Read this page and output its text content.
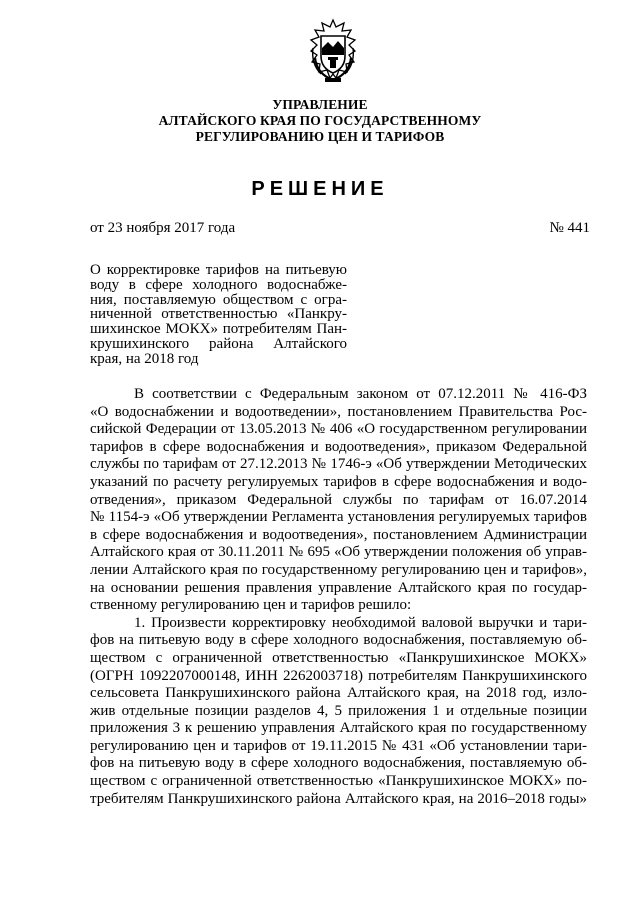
УПРАВЛЕНИЕ
АЛТАЙСКОГО КРАЯ ПО ГОСУДАРСТВЕННОМУ
РЕГУЛИРОВАНИЮ ЦЕН И ТАРИФОВ
РЕШЕНИЕ
от 23 ноября 2017 года	№ 441
О корректировке тарифов на питьевую
воду в сфере холодного водоснабже-
ния, поставляемую обществом с огра-
ниченной ответственностью «Панкру-
шихинское МОКХ» потребителям Пан-
крушихинского района Алтайского
края, на 2018 год
В соответствии с Федеральным законом от 07.12.2011 № 416-ФЗ
«О водоснабжении и водоотведении», постановлением Правительства Рос-
сийской Федерации от 13.05.2013 № 406 «О государственном регулировании
тарифов в сфере водоснабжения и водоотведения», приказом Федеральной
службы по тарифам от 27.12.2013 № 1746-э «Об утверждении Методических
указаний по расчету регулируемых тарифов в сфере водоснабжения и водо-
отведения», приказом Федеральной службы по тарифам от 16.07.2014
№ 1154-э «Об утверждении Регламента установления регулируемых тарифов
в сфере водоснабжения и водоотведения», постановлением Администрации
Алтайского края от 30.11.2011 № 695 «Об утверждении положения об управ-
лении Алтайского края по государственному регулированию цен и тарифов»,
на основании решения правления управление Алтайского края по государ-
ственному регулированию цен и тарифов решило:
1. Произвести корректировку необходимой валовой выручки и тари-
фов на питьевую воду в сфере холодного водоснабжения, поставляемую об-
ществом с ограниченной ответственностью «Панкрушихинское МОКХ»
(ОГРН 1092207000148, ИНН 2262003718) потребителям Панкрушихинского
сельсовета Панкрушихинского района Алтайского края, на 2018 год, изло-
жив отдельные позиции разделов 4, 5 приложения 1 и отдельные позиции
приложения 3 к решению управления Алтайского края по государственному
регулированию цен и тарифов от 19.11.2015 № 431 «Об установлении тари-
фов на питьевую воду в сфере холодного водоснабжения, поставляемую об-
ществом с ограниченной ответственностью «Панкрушихинское МОКХ» по-
требителям Панкрушихинского района Алтайского края, на 2016–2018 годы»
